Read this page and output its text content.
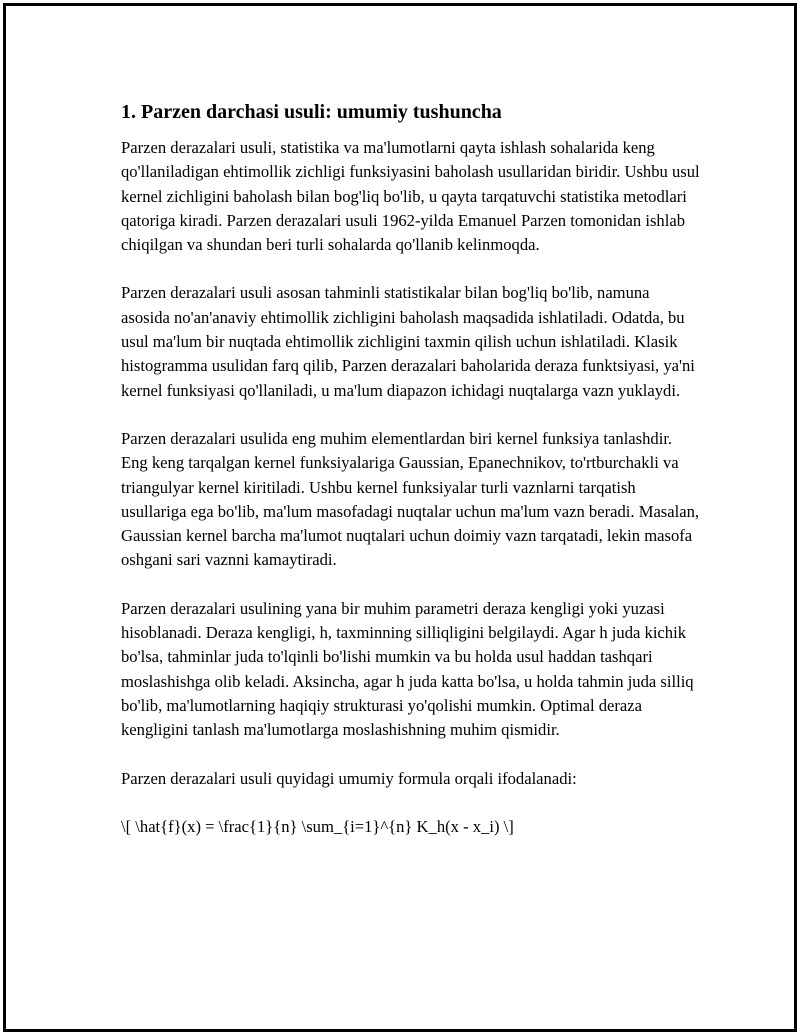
1. Parzen darchasi usuli: umumiy tushuncha

Parzen derazalari usuli, statistika va ma'lumotlarni qayta ishlash sohalarida keng qo'llaniladigan ehtimollik zichligi funksiyasini baholash usullaridan biridir. Ushbu usul kernel zichligini baholash bilan bog'liq bo'lib, u qayta tarqatuvchi statistika metodlari qatoriga kiradi. Parzen derazalari usuli 1962-yilda Emanuel Parzen tomonidan ishlab chiqilgan va shundan beri turli sohalarda qo'llanib kelinmoqda.

Parzen derazalari usuli asosan tahminli statistikalar bilan bog'liq bo'lib, namuna asosida no'an'anaviy ehtimollik zichligini baholash maqsadida ishlatiladi. Odatda, bu usul ma'lum bir nuqtada ehtimollik zichligini taxmin qilish uchun ishlatiladi. Klasik histogramma usulidan farq qilib, Parzen derazalari baholarida deraza funktsiyasi, ya'ni kernel funksiyasi qo'llaniladi, u ma'lum diapazon ichidagi nuqtalarga vazn yuklaydi.

Parzen derazalari usulida eng muhim elementlardan biri kernel funksiya tanlashdir. Eng keng tarqalgan kernel funksiyalariga Gaussian, Epanechnikov, to'rtburchakli va triangulyar kernel kiritiladi. Ushbu kernel funksiyalar turli vaznlarni tarqatish usullariga ega bo'lib, ma'lum masofadagi nuqtalar uchun ma'lum vazn beradi. Masalan, Gaussian kernel barcha ma'lumot nuqtalari uchun doimiy vazn tarqatadi, lekin masofa oshgani sari vaznni kamaytiradi.

Parzen derazalari usulining yana bir muhim parametri deraza kengligi yoki yuzasi hisoblanadi. Deraza kengligi, h, taxminning silliqligini belgilaydi. Agar h juda kichik bo'lsa, tahminlar juda to'lqinli bo'lishi mumkin va bu holda usul haddan tashqari moslashishga olib keladi. Aksincha, agar h juda katta bo'lsa, u holda tahmin juda silliq bo'lib, ma'lumotlarning haqiqiy strukturasi yo'qolishi mumkin. Optimal deraza kengligini tanlash ma'lumotlarga moslashishning muhim qismidir.

Parzen derazalari usuli quyidagi umumiy formula orqali ifodalanadi:

\[ \hat{f}(x) = \frac{1}{n} \sum_{i=1}^{n} K_h(x - x_i) \]
